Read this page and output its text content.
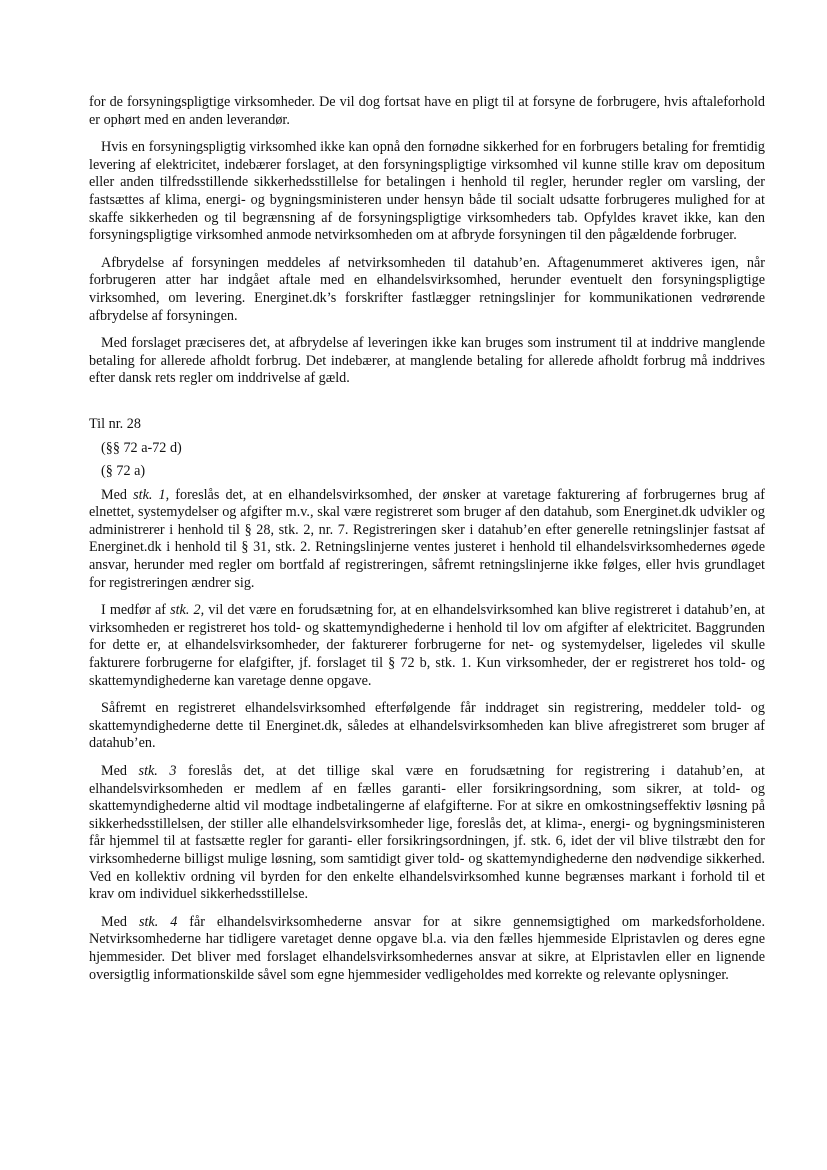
for de forsyningspligtige virksomheder. De vil dog fortsat have en pligt til at forsyne de forbrugere, hvis aftaleforhold er ophørt med en anden leverandør.

Hvis en forsyningspligtig virksomhed ikke kan opnå den fornødne sikkerhed for en forbrugers betaling for fremtidig levering af elektricitet, indebærer forslaget, at den forsyningspligtige virksomhed vil kunne stille krav om depositum eller anden tilfredsstillende sikkerhedsstillelse for betalingen i henhold til regler, herunder regler om varsling, der fastsættes af klima, energi- og bygningsministeren under hensyn både til socialt udsatte forbrugeres mulighed for at skaffe sikkerheden og til begrænsning af de forsyningspligtige virksomheders tab. Opfyldes kravet ikke, kan den forsyningspligtige virksomhed anmode netvirksomheden om at afbryde forsyningen til den pågældende forbruger.

Afbrydelse af forsyningen meddeles af netvirksomheden til datahub’en. Aftagenummeret aktiveres igen, når forbrugeren atter har indgået aftale med en elhandelsvirksomhed, herunder eventuelt den forsyningspligtige virksomhed, om levering. Energinet.dk’s forskrifter fastlægger retningslinjer for kommunikationen vedrørende afbrydelse af forsyningen.

Med forslaget præciseres det, at afbrydelse af leveringen ikke kan bruges som instrument til at inddrive manglende betaling for allerede afholdt forbrug. Det indebærer, at manglende betaling for allerede afholdt forbrug må inddrives efter dansk rets regler om inddrivelse af gæld.

Til nr. 28

(§§ 72 a-72 d)

(§ 72 a)

Med stk. 1, foreslås det, at en elhandelsvirksomhed, der ønsker at varetage fakturering af forbrugernes brug af elnettet, systemydelser og afgifter m.v., skal være registreret som bruger af den datahub, som Energinet.dk udvikler og administrerer i henhold til § 28, stk. 2, nr. 7. Registreringen sker i datahub’en efter generelle retningslinjer fastsat af Energinet.dk i henhold til § 31, stk. 2. Retningslinjerne ventes justeret i henhold til elhandelsvirksomhedernes øgede ansvar, herunder med regler om bortfald af registreringen, såfremt retningslinjerne ikke følges, eller hvis grundlaget for registreringen ændrer sig.

I medfør af stk. 2, vil det være en forudsætning for, at en elhandelsvirksomhed kan blive registreret i datahub’en, at virksomheden er registreret hos told- og skattemyndighederne i henhold til lov om afgifter af elektricitet. Baggrunden for dette er, at elhandelsvirksomheder, der fakturerer forbrugerne for net- og systemydelser, ligeledes vil skulle fakturere forbrugerne for elafgifter, jf. forslaget til § 72 b, stk. 1. Kun virksomheder, der er registreret hos told- og skattemyndighederne kan varetage denne opgave.

Såfremt en registreret elhandelsvirksomhed efterfølgende får inddraget sin registrering, meddeler told- og skattemyndighederne dette til Energinet.dk, således at elhandelsvirksomheden kan blive afregistreret som bruger af datahub’en.

Med stk. 3 foreslås det, at det tillige skal være en forudsætning for registrering i datahub’en, at elhandelsvirksomheden er medlem af en fælles garanti- eller forsikringsordning, som sikrer, at told- og skattemyndighederne altid vil modtage indbetalingerne af elafgifterne. For at sikre en omkostningseffektiv løsning på sikkerhedsstillelsen, der stiller alle elhandelsvirksomheder lige, foreslås det, at klima-, energi- og bygningsministeren får hjemmel til at fastsætte regler for garanti- eller forsikringsordningen, jf. stk. 6, idet der vil blive tilstræbt den for virksomhederne billigst mulige løsning, som samtidigt giver told- og skattemyndighederne den nødvendige sikkerhed. Ved en kollektiv ordning vil byrden for den enkelte elhandelsvirksomhed kunne begrænses markant i forhold til et krav om individuel sikkerhedsstillelse.

Med stk. 4 får elhandelsvirksomhederne ansvar for at sikre gennemsigtighed om markedsforholdene. Netvirksomhederne har tidligere varetaget denne opgave bl.a. via den fælles hjemmeside Elpristavlen og deres egne hjemmesider. Det bliver med forslaget elhandelsvirksomhedernes ansvar at sikre, at Elpristavlen eller en lignende oversigtlig informationskilde såvel som egne hjemmesider vedligeholdes med korrekte og relevante oplysninger.
